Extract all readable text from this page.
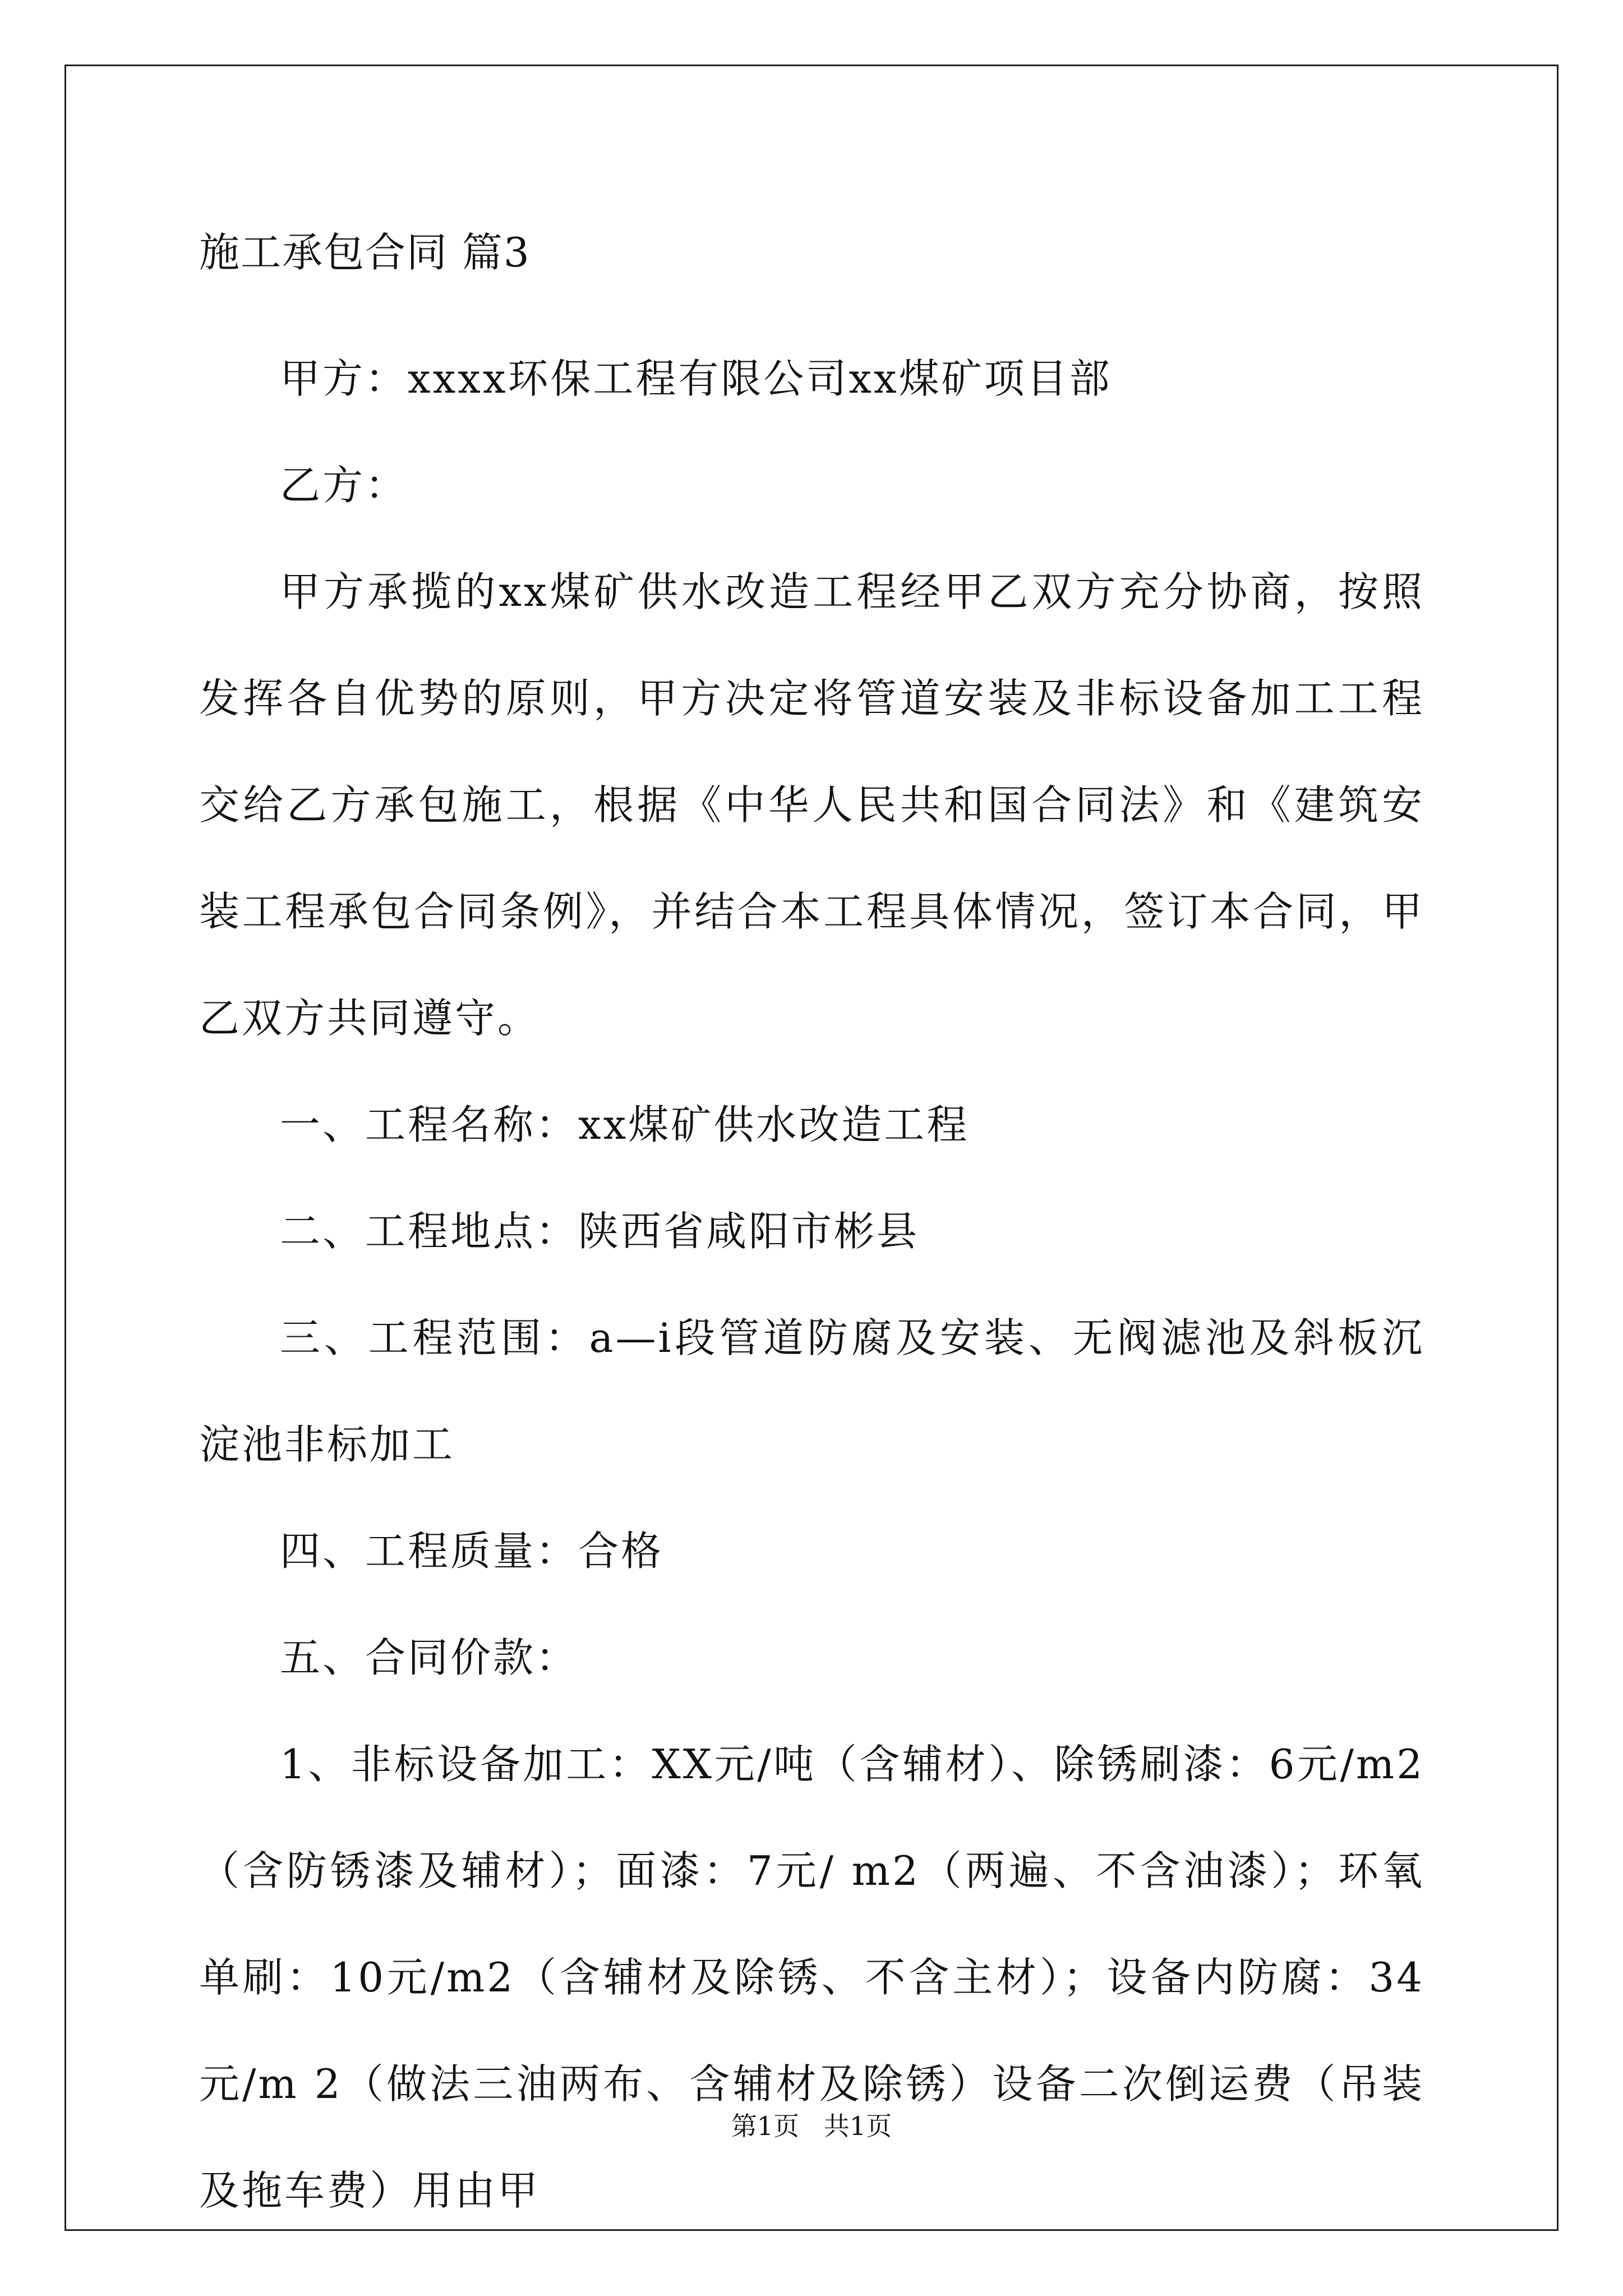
施工承包合同 篇3

甲方：xxxx环保工程有限公司xx煤矿项目部

乙方：

甲方承揽的xx煤矿供水改造工程经甲乙双方充分协商，按照发挥各自优势的原则，甲方决定将管道安装及非标设备加工工程交给乙方承包施工，根据《中华人民共和国合同法》和《建筑安装工程承包合同条例》，并结合本工程具体情况，签订本合同，甲乙双方共同遵守。

一、工程名称：xx煤矿供水改造工程

二、工程地点：陕西省咸阳市彬县

三、工程范围：a—i段管道防腐及安装、无阀滤池及斜板沉淀池非标加工

四、工程质量：合格

五、合同价款：

1、非标设备加工：XX元/吨（含辅材）、除锈刷漆：6元/m2（含防锈漆及辅材）；面漆：7元/ m2（两遍、不含油漆）；环氧单刷：10元/m2（含辅材及除锈、不含主材）；设备内防腐：34元/m 2（做法三油两布、含辅材及除锈）设备二次倒运费（吊装及拖车费）用由甲

第1页   共1页
